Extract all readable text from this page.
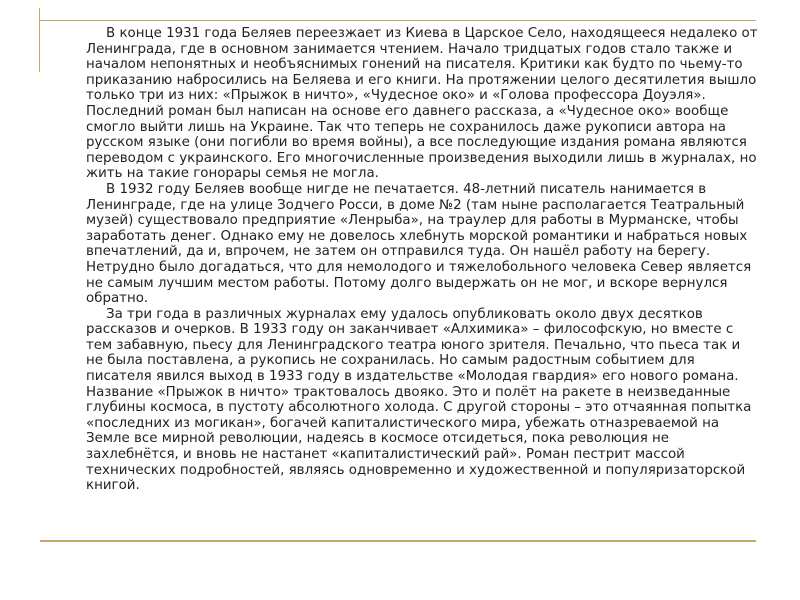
В конце 1931 года Беляев переезжает из Киева в Царское Село, находящееся недалеко от Ленинграда, где в основном занимается чтением. Начало тридцатых годов стало также и началом непонятных и необъяснимых гонений на писателя. Критики как будто по чьему-то приказанию набросились на Беляева и его книги. На протяжении целого десятилетия вышло только три из них: «Прыжок в ничто», «Чудесное око» и «Голова профессора Доуэля». Последний роман был написан на основе его давнего рассказа, а «Чудесное око» вообще смогло выйти лишь на Украине. Так что теперь не сохранилось даже рукописи автора на русском языке (они погибли во время войны), а все последующие издания романа являются переводом с украинского. Его многочисленные произведения выходили лишь в журналах, но жить на такие гонорары семья не могла.

В 1932 году Беляев вообще нигде не печатается. 48-летний писатель нанимается в Ленинграде, где на улице Зодчего Росси, в доме №2 (там ныне располагается Театральный музей) существовало предприятие «Ленрыба», на траулер для работы в Мурманске, чтобы заработать денег. Однако ему не довелось хлебнуть морской романтики и набраться новых впечатлений, да и, впрочем, не затем он отправился туда. Он нашёл работу на берегу. Нетрудно было догадаться, что для немолодого и тяжелобольного человека Север является не самым лучшим местом работы. Потому долго выдержать он не мог, и вскоре вернулся обратно.

За три года в различных журналах ему удалось опубликовать около двух десятков рассказов и очерков. В 1933 году он заканчивает «Алхимика» – философскую, но вместе с тем забавную, пьесу для Ленинградского театра юного зрителя. Печально, что пьеса так и не была поставлена, а рукопись не сохранилась. Но самым радостным событием для писателя явился выход в 1933 году в издательстве «Молодая гвардия» его нового романа. Название «Прыжок в ничто» трактовалось двояко. Это и полёт на ракете в неизведанные глубины космоса, в пустоту абсолютного холода. С другой стороны – это отчаянная попытка «последних из могикан», богачей капиталистического мира, убежать отназреваемой на Земле все мирной революции, надеясь в космосе отсидеться, пока революция не захлебнётся, и вновь не настанет «капиталистический рай». Роман пестрит массой технических подробностей, являясь одновременно и художественной и популяризаторской книгой.
